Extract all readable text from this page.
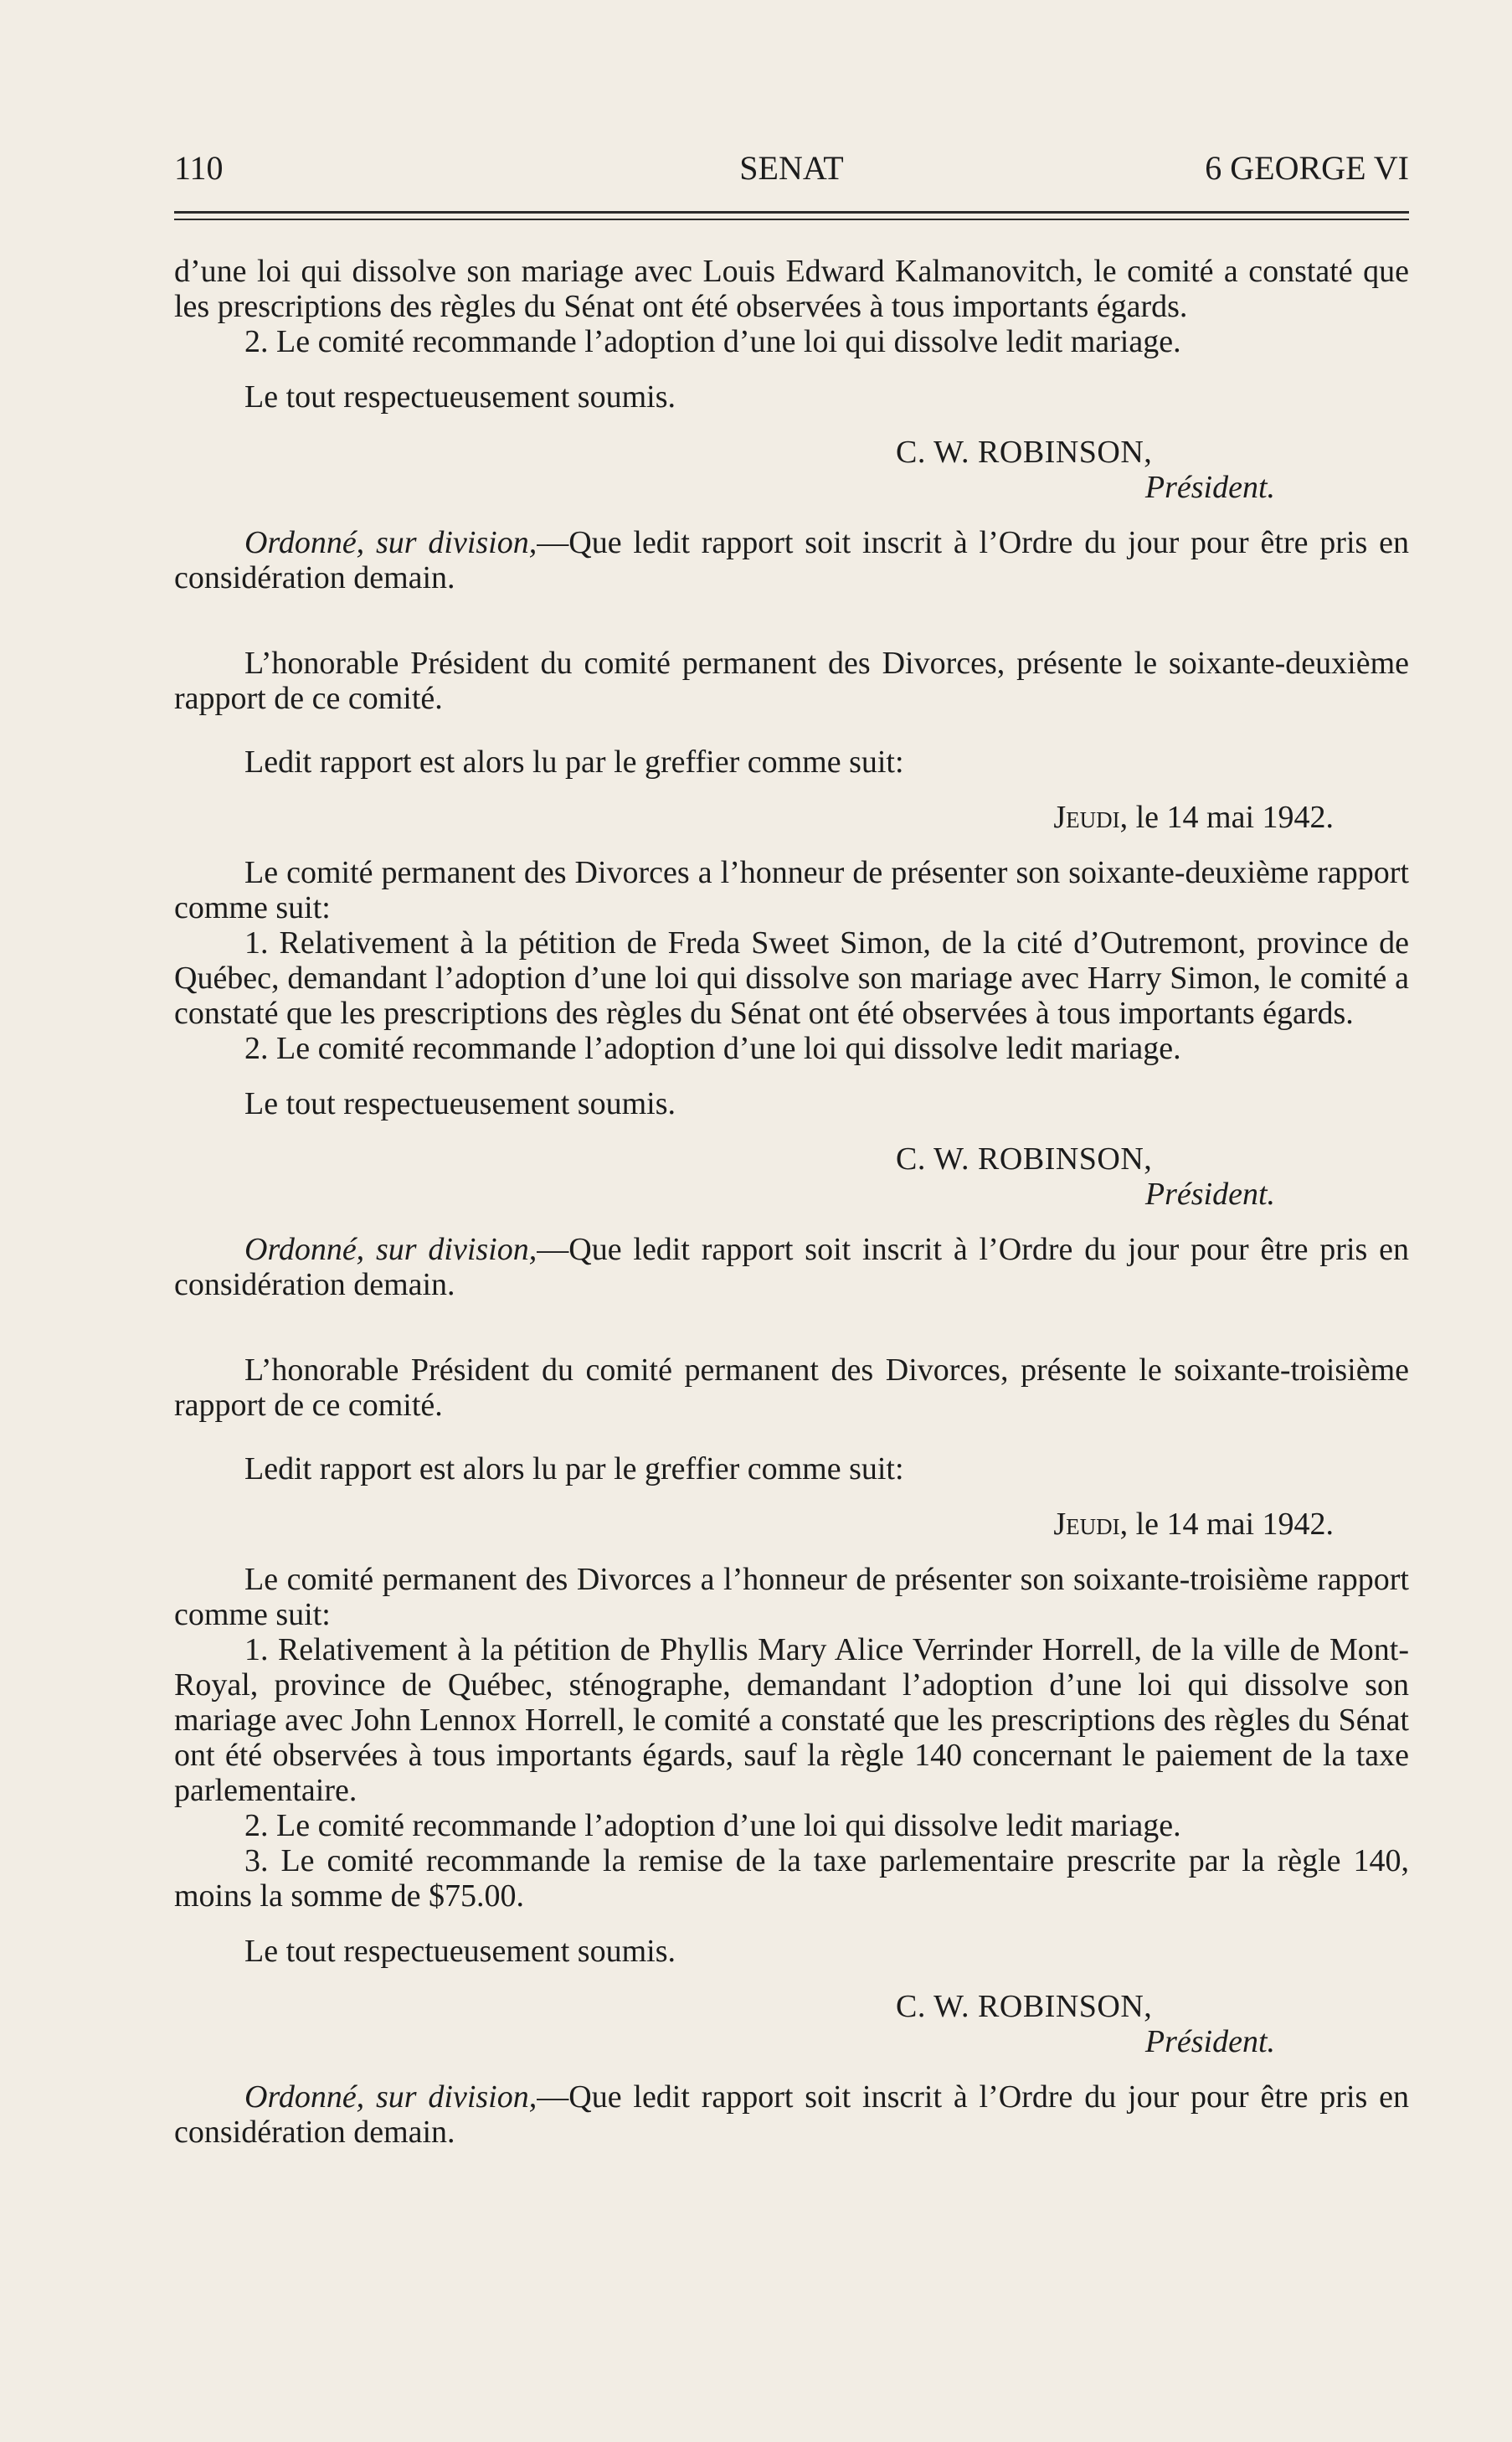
110	SENAT	6 GEORGE VI

d’une loi qui dissolve son mariage avec Louis Edward Kalmanovitch, le comité a constaté que les prescriptions des règles du Sénat ont été observées à tous importants égards.

2. Le comité recommande l’adoption d’une loi qui dissolve ledit mariage.

Le tout respectueusement soumis.

C. W. ROBINSON,

Président.

Ordonné, sur division,—Que ledit rapport soit inscrit à l’Ordre du jour pour être pris en considération demain.

L’honorable Président du comité permanent des Divorces, présente le soixante-deuxième rapport de ce comité.

Ledit rapport est alors lu par le greffier comme suit:

Jeudi, le 14 mai 1942.

Le comité permanent des Divorces a l’honneur de présenter son soixante-deuxième rapport comme suit:

1. Relativement à la pétition de Freda Sweet Simon, de la cité d’Outremont, province de Québec, demandant l’adoption d’une loi qui dissolve son mariage avec Harry Simon, le comité a constaté que les prescriptions des règles du Sénat ont été observées à tous importants égards.

2. Le comité recommande l’adoption d’une loi qui dissolve ledit mariage.

Le tout respectueusement soumis.

C. W. ROBINSON,

Président.

Ordonné, sur division,—Que ledit rapport soit inscrit à l’Ordre du jour pour être pris en considération demain.

L’honorable Président du comité permanent des Divorces, présente le soixante-troisième rapport de ce comité.

Ledit rapport est alors lu par le greffier comme suit:

Jeudi, le 14 mai 1942.

Le comité permanent des Divorces a l’honneur de présenter son soixante-troisième rapport comme suit:

1. Relativement à la pétition de Phyllis Mary Alice Verrinder Horrell, de la ville de Mont-Royal, province de Québec, sténographe, demandant l’adoption d’une loi qui dissolve son mariage avec John Lennox Horrell, le comité a constaté que les prescriptions des règles du Sénat ont été observées à tous importants égards, sauf la règle 140 concernant le paiement de la taxe parlementaire.

2. Le comité recommande l’adoption d’une loi qui dissolve ledit mariage.

3. Le comité recommande la remise de la taxe parlementaire prescrite par la règle 140, moins la somme de $75.00.

Le tout respectueusement soumis.

C. W. ROBINSON,

Président.

Ordonné, sur division,—Que ledit rapport soit inscrit à l’Ordre du jour pour être pris en considération demain.
